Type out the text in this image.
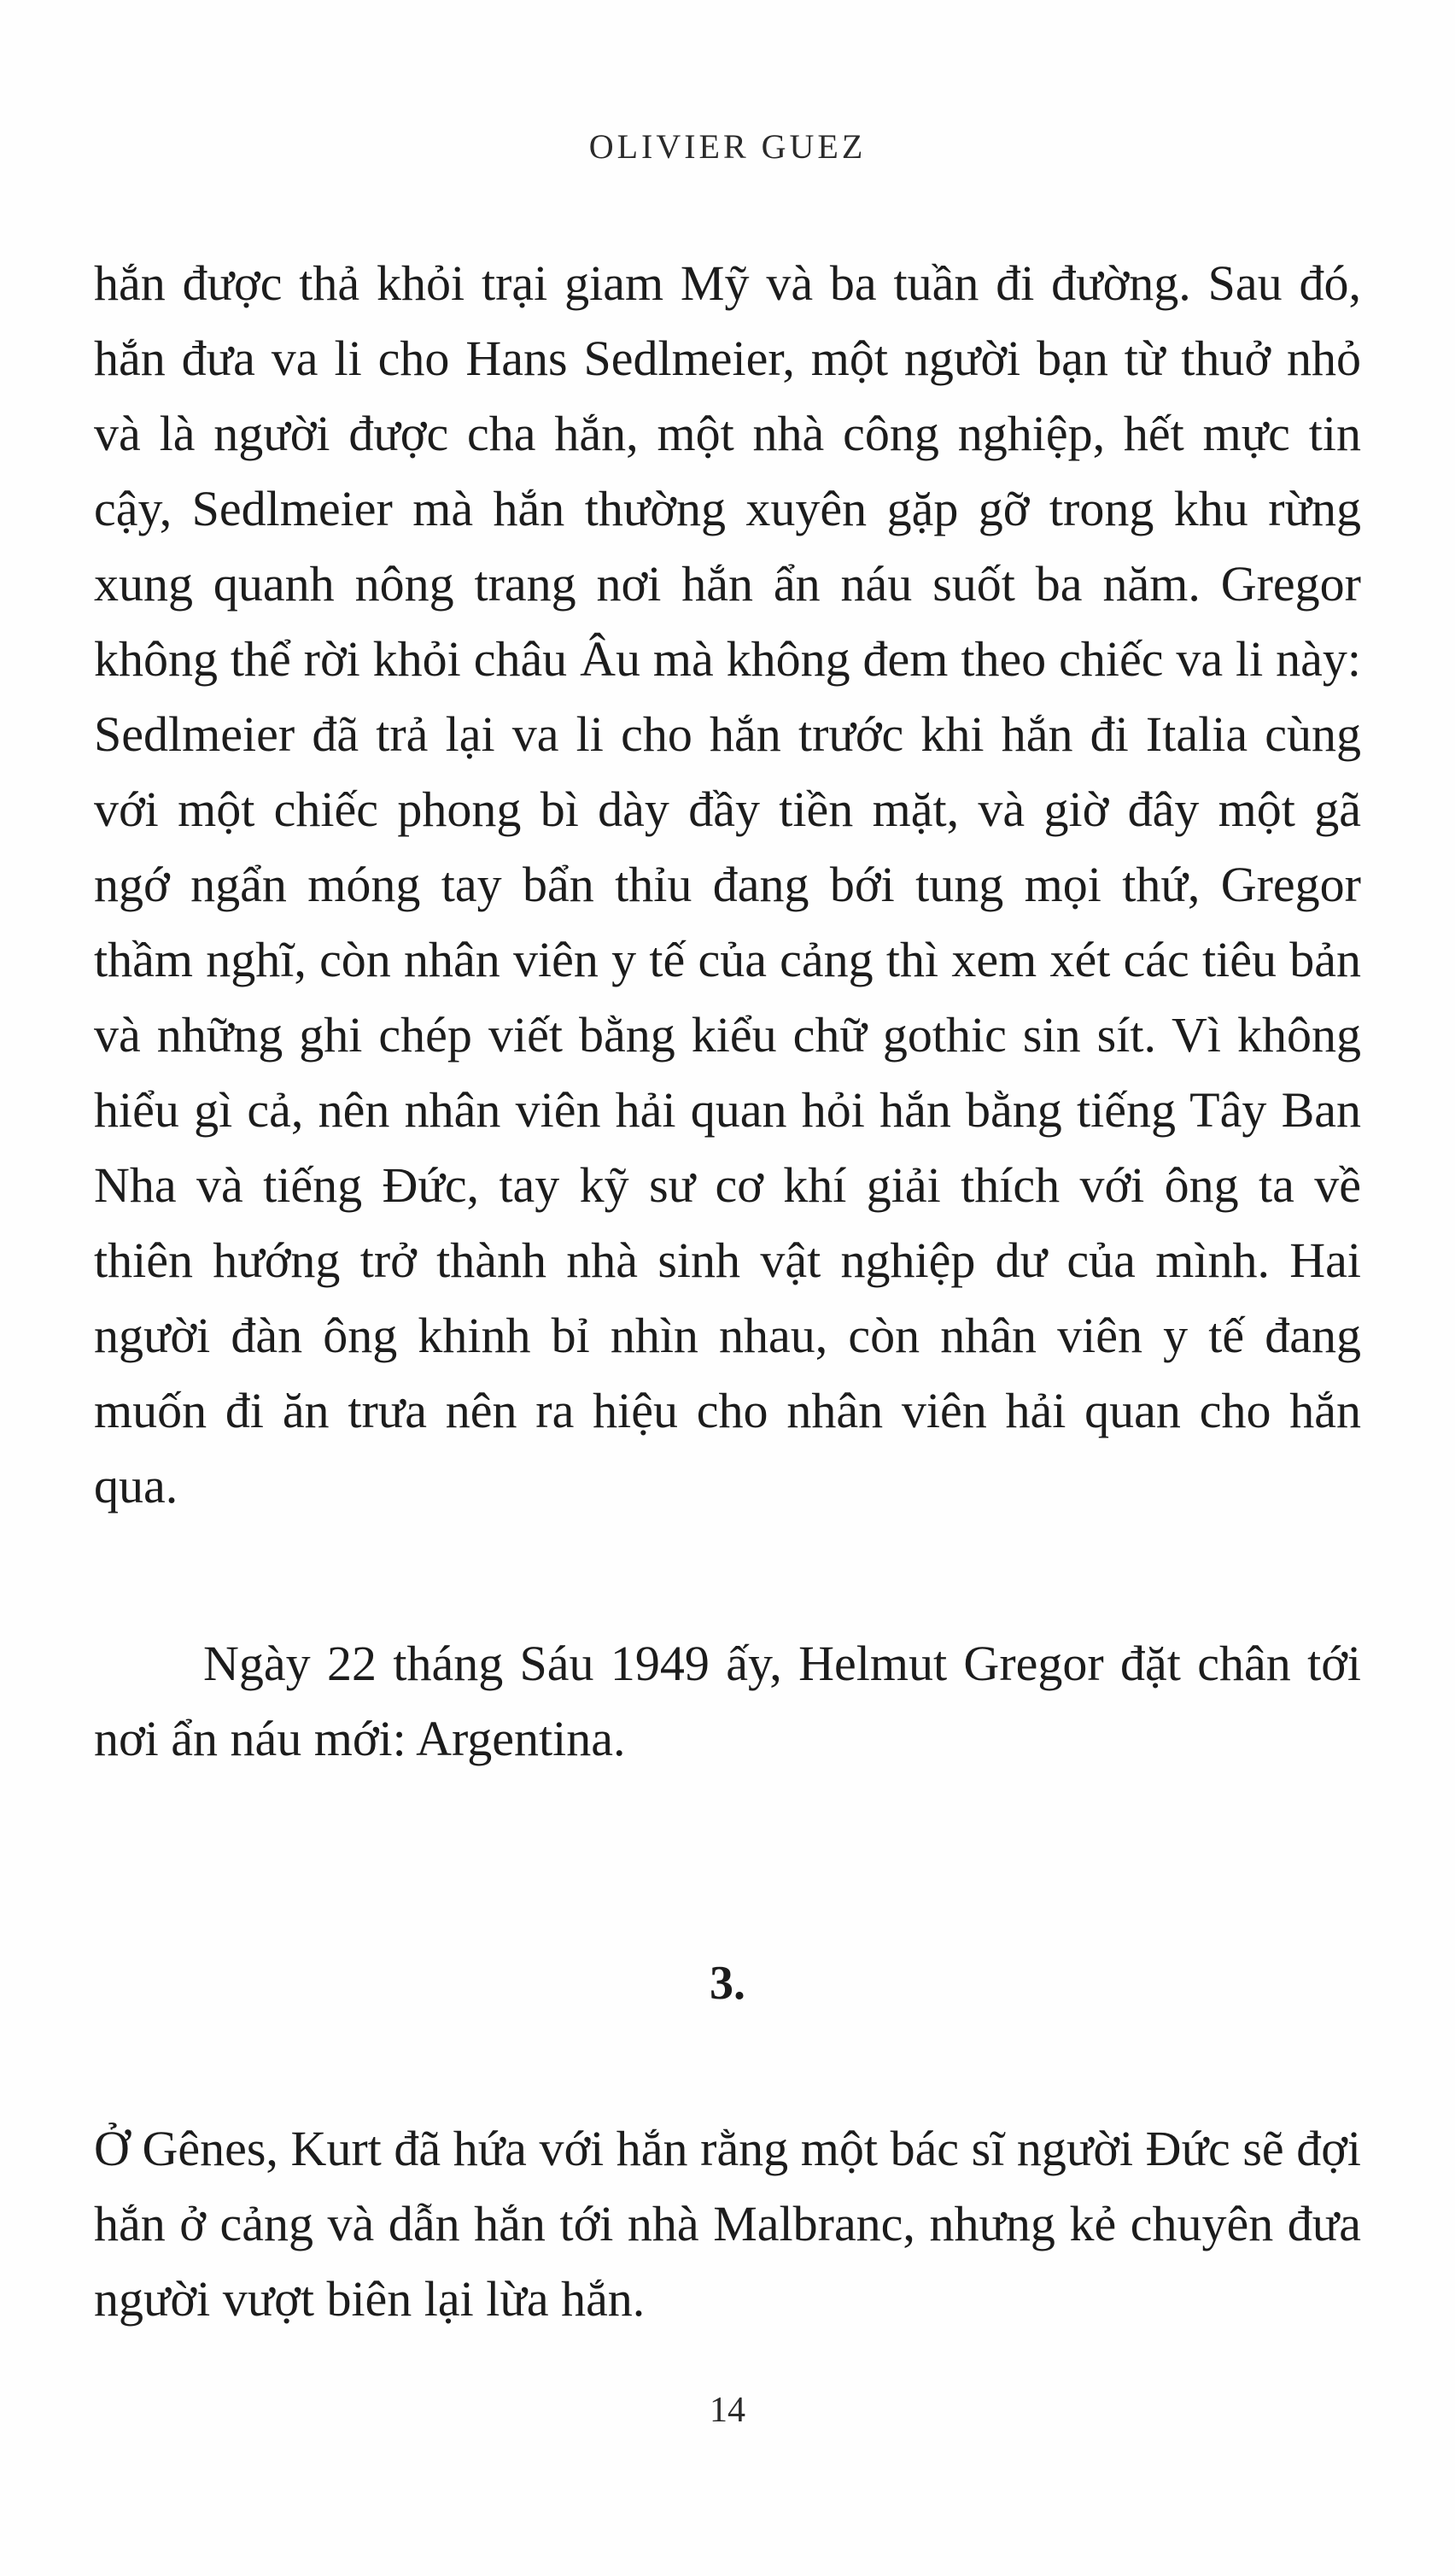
OLIVIER GUEZ

hắn được thả khỏi trại giam Mỹ và ba tuần đi đường. Sau đó, hắn đưa va li cho Hans Sedlmeier, một người bạn từ thuở nhỏ và là người được cha hắn, một nhà công nghiệp, hết mực tin cậy, Sedlmeier mà hắn thường xuyên gặp gỡ trong khu rừng xung quanh nông trang nơi hắn ẩn náu suốt ba năm. Gregor không thể rời khỏi châu Âu mà không đem theo chiếc va li này: Sedlmeier đã trả lại va li cho hắn trước khi hắn đi Italia cùng với một chiếc phong bì dày đầy tiền mặt, và giờ đây một gã ngớ ngẩn móng tay bẩn thỉu đang bới tung mọi thứ, Gregor thầm nghĩ, còn nhân viên y tế của cảng thì xem xét các tiêu bản và những ghi chép viết bằng kiểu chữ gothic sin sít. Vì không hiểu gì cả, nên nhân viên hải quan hỏi hắn bằng tiếng Tây Ban Nha và tiếng Đức, tay kỹ sư cơ khí giải thích với ông ta về thiên hướng trở thành nhà sinh vật nghiệp dư của mình. Hai người đàn ông khinh bỉ nhìn nhau, còn nhân viên y tế đang muốn đi ăn trưa nên ra hiệu cho nhân viên hải quan cho hắn qua.

Ngày 22 tháng Sáu 1949 ấy, Helmut Gregor đặt chân tới nơi ẩn náu mới: Argentina.

3.

Ở Gênes, Kurt đã hứa với hắn rằng một bác sĩ người Đức sẽ đợi hắn ở cảng và dẫn hắn tới nhà Malbranc, nhưng kẻ chuyên đưa người vượt biên lại lừa hắn.

14
